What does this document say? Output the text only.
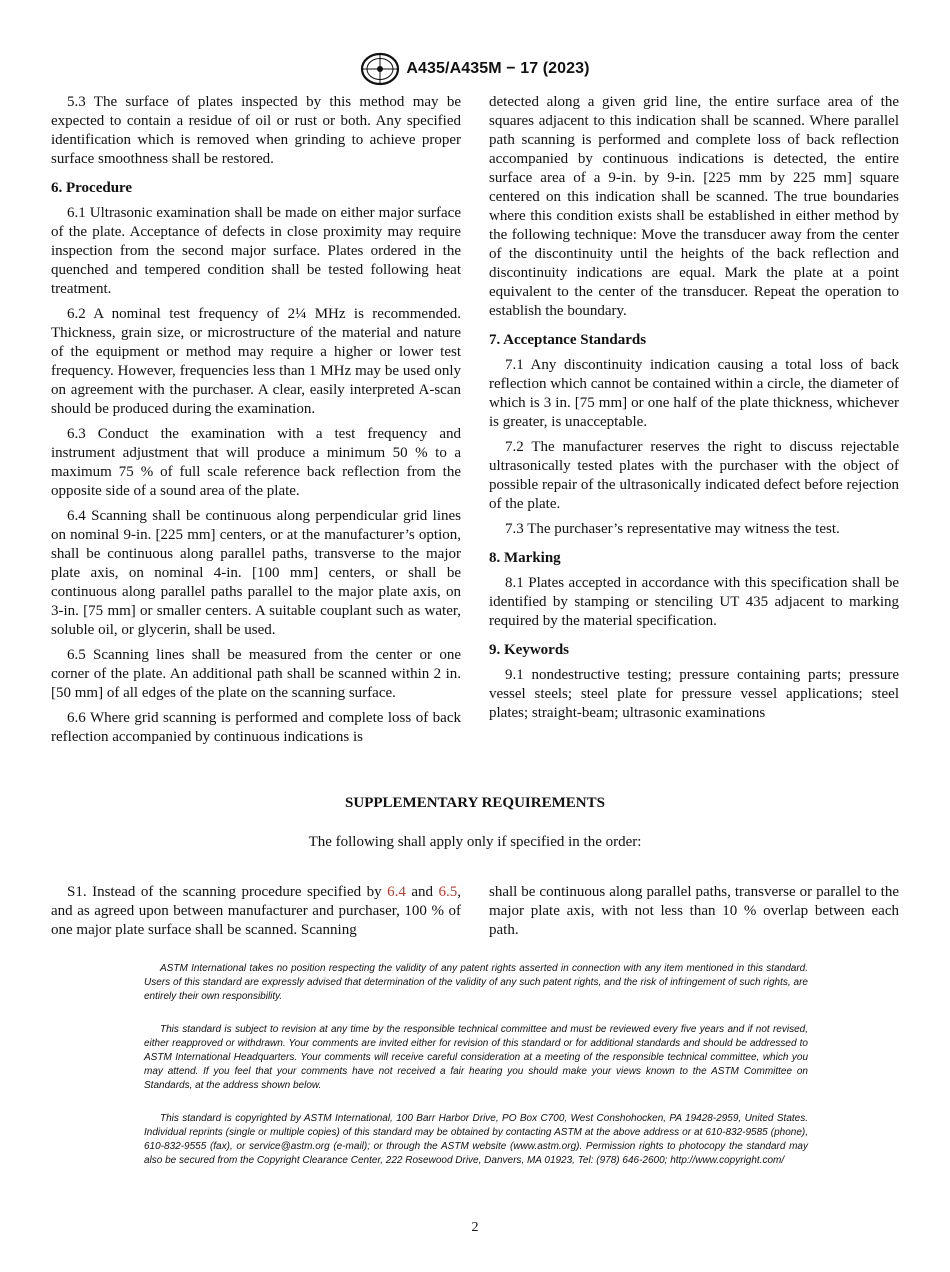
A435/A435M − 17 (2023)

5.3 The surface of plates inspected by this method may be expected to contain a residue of oil or rust or both. Any specified identification which is removed when grinding to achieve proper surface smoothness shall be restored.

6. Procedure

6.1 Ultrasonic examination shall be made on either major surface of the plate. Acceptance of defects in close proximity may require inspection from the second major surface. Plates ordered in the quenched and tempered condition shall be tested following heat treatment.

6.2 A nominal test frequency of 2¼ MHz is recommended. Thickness, grain size, or microstructure of the material and nature of the equipment or method may require a higher or lower test frequency. However, frequencies less than 1 MHz may be used only on agreement with the purchaser. A clear, easily interpreted A-scan should be produced during the examination.

6.3 Conduct the examination with a test frequency and instrument adjustment that will produce a minimum 50 % to a maximum 75 % of full scale reference back reflection from the opposite side of a sound area of the plate.

6.4 Scanning shall be continuous along perpendicular grid lines on nominal 9-in. [225 mm] centers, or at the manufacturer’s option, shall be continuous along parallel paths, transverse to the major plate axis, on nominal 4-in. [100 mm] centers, or shall be continuous along parallel paths parallel to the major plate axis, on 3-in. [75 mm] or smaller centers. A suitable couplant such as water, soluble oil, or glycerin, shall be used.

6.5 Scanning lines shall be measured from the center or one corner of the plate. An additional path shall be scanned within 2 in. [50 mm] of all edges of the plate on the scanning surface.

6.6 Where grid scanning is performed and complete loss of back reflection accompanied by continuous indications is

detected along a given grid line, the entire surface area of the squares adjacent to this indication shall be scanned. Where parallel path scanning is performed and complete loss of back reflection accompanied by continuous indications is detected, the entire surface area of a 9-in. by 9-in. [225 mm by 225 mm] square centered on this indication shall be scanned. The true boundaries where this condition exists shall be established in either method by the following technique: Move the transducer away from the center of the discontinuity until the heights of the back reflection and discontinuity indications are equal. Mark the plate at a point equivalent to the center of the transducer. Repeat the operation to establish the boundary.

7. Acceptance Standards

7.1 Any discontinuity indication causing a total loss of back reflection which cannot be contained within a circle, the diameter of which is 3 in. [75 mm] or one half of the plate thickness, whichever is greater, is unacceptable.

7.2 The manufacturer reserves the right to discuss rejectable ultrasonically tested plates with the purchaser with the object of possible repair of the ultrasonically indicated defect before rejection of the plate.

7.3 The purchaser’s representative may witness the test.

8. Marking

8.1 Plates accepted in accordance with this specification shall be identified by stamping or stenciling UT 435 adjacent to marking required by the material specification.

9. Keywords

9.1 nondestructive testing; pressure containing parts; pressure vessel steels; steel plate for pressure vessel applications; steel plates; straight-beam; ultrasonic examinations

SUPPLEMENTARY REQUIREMENTS
The following shall apply only if specified in the order:

S1. Instead of the scanning procedure specified by 6.4 and 6.5, and as agreed upon between manufacturer and purchaser, 100 % of one major plate surface shall be scanned. Scanning

shall be continuous along parallel paths, transverse or parallel to the major plate axis, with not less than 10 % overlap between each path.

ASTM International takes no position respecting the validity of any patent rights asserted in connection with any item mentioned in this standard. Users of this standard are expressly advised that determination of the validity of any such patent rights, and the risk of infringement of such rights, are entirely their own responsibility.

This standard is subject to revision at any time by the responsible technical committee and must be reviewed every five years and if not revised, either reapproved or withdrawn. Your comments are invited either for revision of this standard or for additional standards and should be addressed to ASTM International Headquarters. Your comments will receive careful consideration at a meeting of the responsible technical committee, which you may attend. If you feel that your comments have not received a fair hearing you should make your views known to the ASTM Committee on Standards, at the address shown below.

This standard is copyrighted by ASTM International, 100 Barr Harbor Drive, PO Box C700, West Conshohocken, PA 19428-2959, United States. Individual reprints (single or multiple copies) of this standard may be obtained by contacting ASTM at the above address or at 610-832-9585 (phone), 610-832-9555 (fax), or service@astm.org (e-mail); or through the ASTM website (www.astm.org). Permission rights to photocopy the standard may also be secured from the Copyright Clearance Center, 222 Rosewood Drive, Danvers, MA 01923, Tel: (978) 646-2600; http://www.copyright.com/

2
